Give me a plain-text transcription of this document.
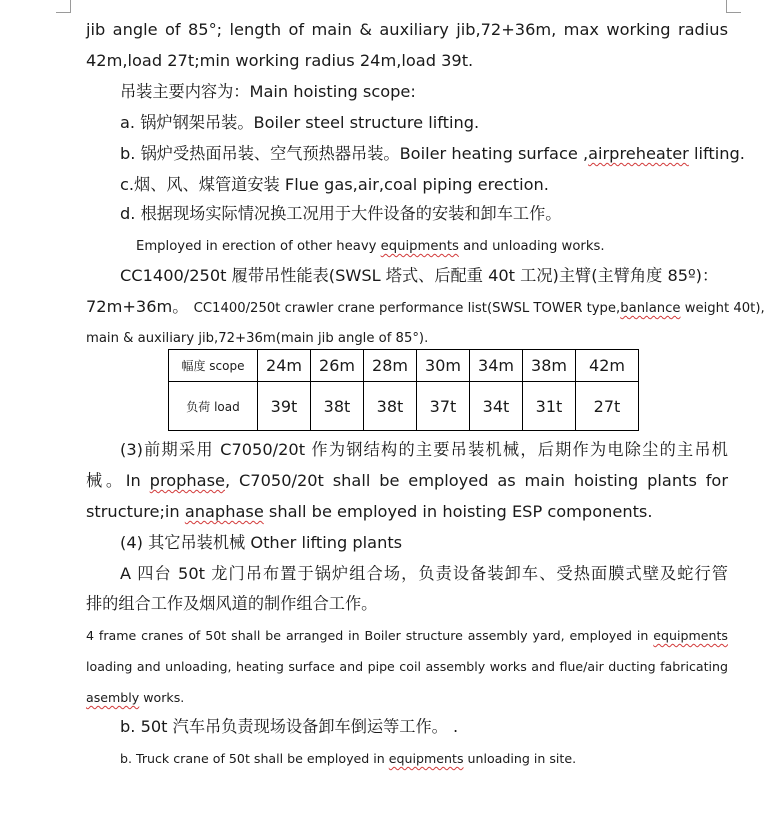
jib angle of 85°; length of main & auxiliary jib,72+36m, max working radius
42m,load 27t;min working radius 24m,load 39t.
吊装主要内容为：Main hoisting scope:
a. 锅炉钢架吊装。Boiler steel structure lifting.
b. 锅炉受热面吊装、空气预热器吊装。Boiler heating surface ,airpreheater lifting.
c.烟、风、煤管道安装 Flue gas,air,coal piping erection.
d. 根据现场实际情况换工况用于大件设备的安装和卸车工作。
Employed in erection of other heavy equipments and unloading works.
CC1400/250t 履带吊性能表(SWSL 塔式、后配重 40t 工况)主臂(主臂角度 85º)：
72m+36m。 CC1400/250t crawler crane performance list(SWSL TOWER type,banlance weight 40t),
main & auxiliary jib,72+36m(main jib angle of 85°).
幅度 scope	24m	26m	28m	30m	34m	38m	42m
负荷 load	39t	38t	38t	37t	34t	31t	27t
(3)前期采用 C7050/20t 作为钢结构的主要吊装机械，后期作为电除尘的主吊机
械。In prophase, C7050/20t shall be employed as main hoisting plants for
structure;in anaphase shall be employed in hoisting ESP components.
(4) 其它吊装机械 Other lifting plants
A 四台 50t 龙门吊布置于锅炉组合场，负责设备装卸车、受热面膜式壁及蛇行管
排的组合工作及烟风道的制作组合工作。
4 frame cranes of 50t shall be arranged in Boiler structure assembly yard, employed in equipments
loading and unloading, heating surface and pipe coil assembly works and flue/air ducting fabricating
asembly works.
b. 50t 汽车吊负责现场设备卸车倒运等工作。 .
b. Truck crane of 50t shall be employed in equipments unloading in site.
